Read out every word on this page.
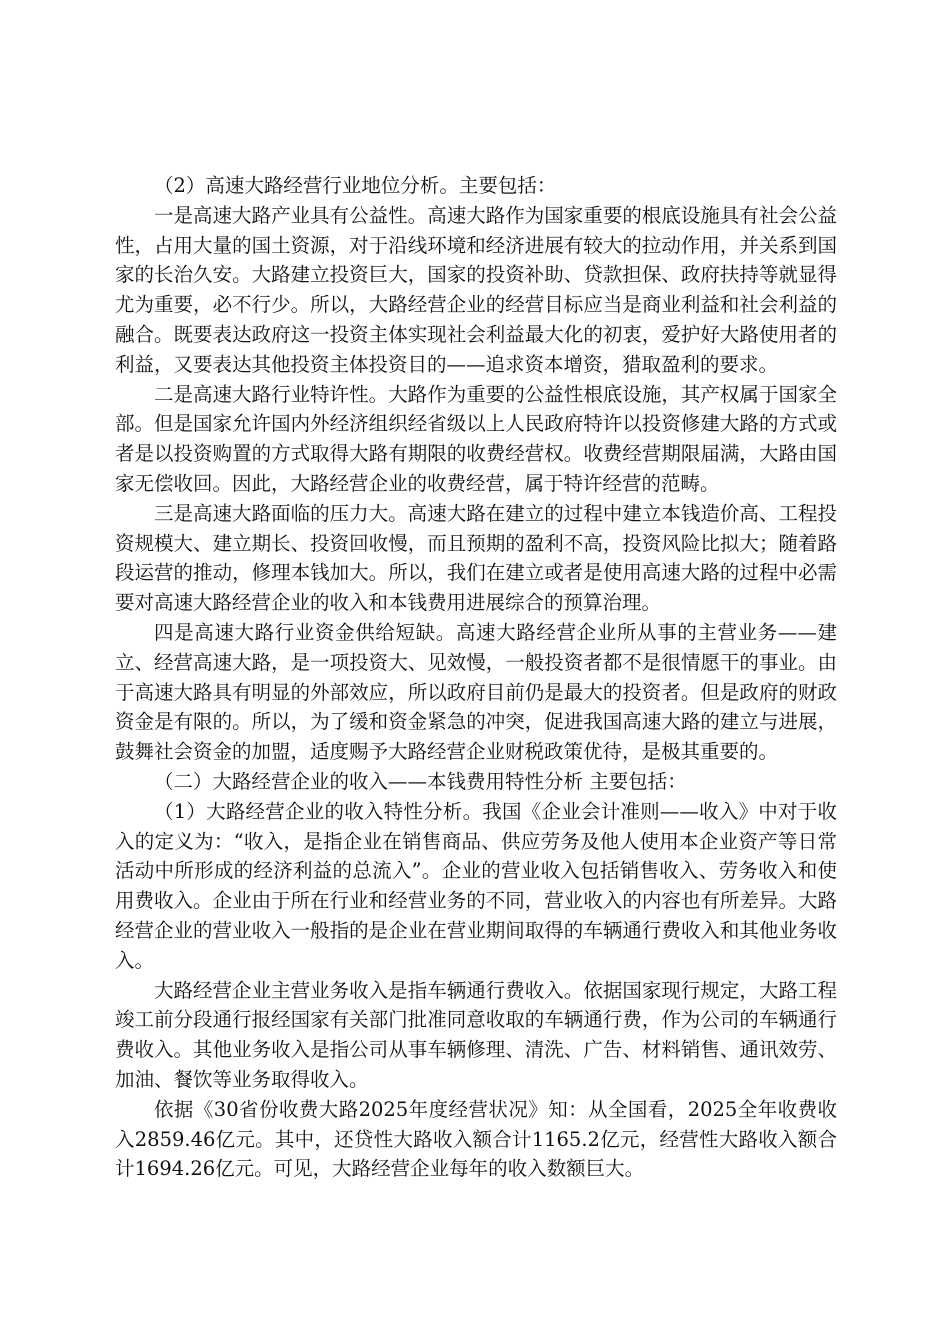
（2）高速大路经营行业地位分析。主要包括：

一是高速大路产业具有公益性。高速大路作为国家重要的根底设施具有社会公益性，占用大量的国土资源，对于沿线环境和经济进展有较大的拉动作用，并关系到国家的长治久安。大路建立投资巨大，国家的投资补助、贷款担保、政府扶持等就显得尤为重要，必不行少。所以，大路经营企业的经营目标应当是商业利益和社会利益的融合。既要表达政府这一投资主体实现社会利益最大化的初衷，爱护好大路使用者的利益，又要表达其他投资主体投资目的——追求资本增资，猎取盈利的要求。

二是高速大路行业特许性。大路作为重要的公益性根底设施，其产权属于国家全部。但是国家允许国内外经济组织经省级以上人民政府特许以投资修建大路的方式或者是以投资购置的方式取得大路有期限的收费经营权。收费经营期限届满，大路由国家无偿收回。因此，大路经营企业的收费经营，属于特许经营的范畴。

三是高速大路面临的压力大。高速大路在建立的过程中建立本钱造价高、工程投资规模大、建立期长、投资回收慢，而且预期的盈利不高，投资风险比拟大；随着路段运营的推动，修理本钱加大。所以，我们在建立或者是使用高速大路的过程中必需要对高速大路经营企业的收入和本钱费用进展综合的预算治理。

四是高速大路行业资金供给短缺。高速大路经营企业所从事的主营业务——建立、经营高速大路，是一项投资大、见效慢，一般投资者都不是很情愿干的事业。由于高速大路具有明显的外部效应，所以政府目前仍是最大的投资者。但是政府的财政资金是有限的。所以，为了缓和资金紧急的冲突，促进我国高速大路的建立与进展，鼓舞社会资金的加盟，适度赐予大路经营企业财税政策优待，是极其重要的。

（二）大路经营企业的收入——本钱费用特性分析 主要包括：

（1）大路经营企业的收入特性分析。我国《企业会计准则——收入》中对于收入的定义为：“收入，是指企业在销售商品、供应劳务及他人使用本企业资产等日常活动中所形成的经济利益的总流入”。企业的营业收入包括销售收入、劳务收入和使用费收入。企业由于所在行业和经营业务的不同，营业收入的内容也有所差异。大路经营企业的营业收入一般指的是企业在营业期间取得的车辆通行费收入和其他业务收入。

大路经营企业主营业务收入是指车辆通行费收入。依据国家现行规定，大路工程竣工前分段通行报经国家有关部门批准同意收取的车辆通行费，作为公司的车辆通行费收入。其他业务收入是指公司从事车辆修理、清洗、广告、材料销售、通讯效劳、加油、餐饮等业务取得收入。

依据《30省份收费大路2025年度经营状况》知：从全国看，2025全年收费收入2859.46亿元。其中，还贷性大路收入额合计1165.2亿元，经营性大路收入额合计1694.26亿元。可见，大路经营企业每年的收入数额巨大。
